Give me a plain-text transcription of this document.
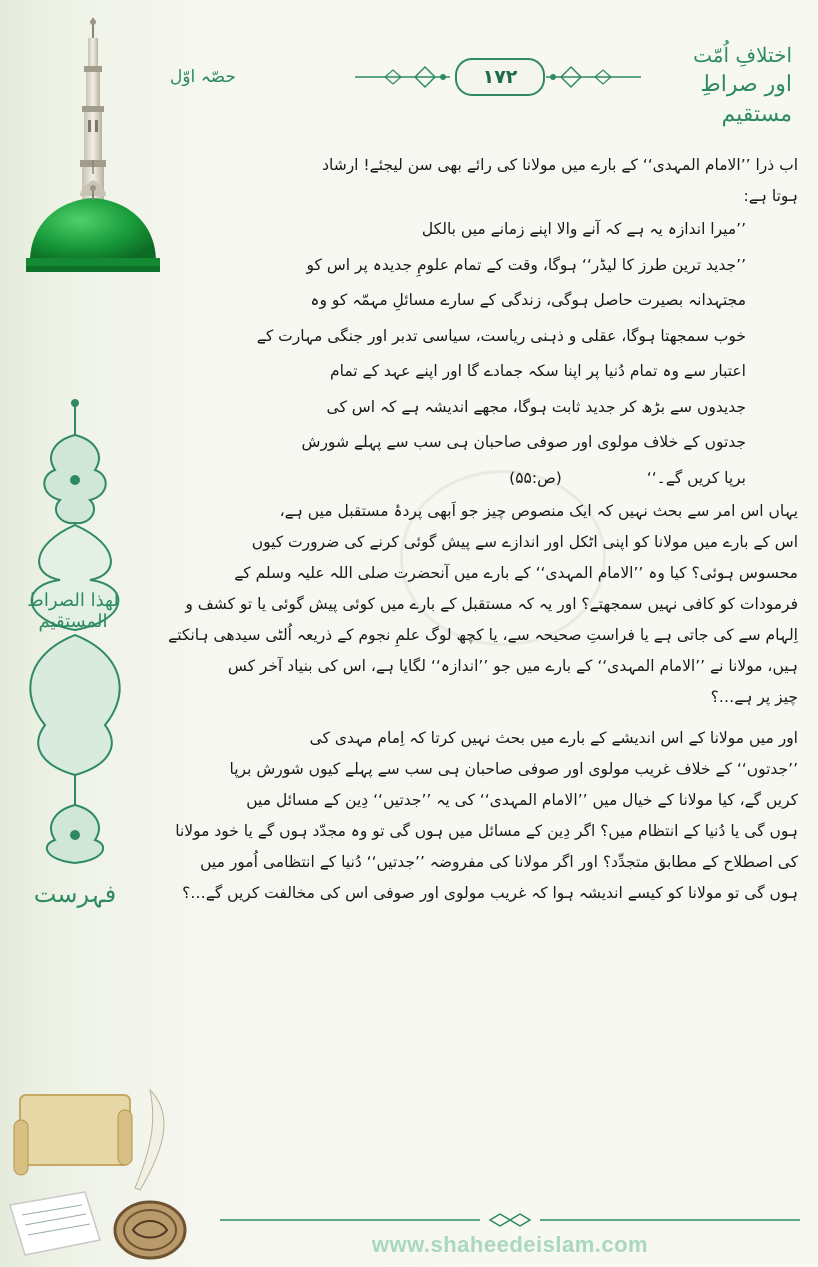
اختلافِ اُمّت
اور صراطِ مستقیم
حصّہ اوّل	۱۷۲
لھذا الصراط المستقیم
فہرست
اب ذرا ’’الامام المہدی‘‘ کے بارے میں مولانا کی رائے بھی سن لیجئے! ارشاد
ہوتا ہے:
’’میرا اندازہ یہ ہے کہ آنے والا اپنے زمانے میں بالکل
’’جدید ترین طرز کا لیڈر‘‘ ہوگا، وقت کے تمام علومِ جدیدہ پر اس کو
مجتہدانہ بصیرت حاصل ہوگی، زندگی کے سارے مسائلِ مہمّہ کو وہ
خوب سمجھتا ہوگا، عقلی و ذہنی ریاست، سیاسی تدبر اور جنگی مہارت کے
اعتبار سے وہ تمام دُنیا پر اپنا سکہ جمادے گا اور اپنے عہد کے تمام
جدیدوں سے بڑھ کر جدید ثابت ہوگا، مجھے اندیشہ ہے کہ اس کی
جدتوں کے خلاف مولوی اور صوفی صاحبان ہی سب سے پہلے شورش
برپا کریں گے۔‘‘ (ص:۵۵)
یہاں اس امر سے بحث نہیں کہ ایک منصوص چیز جو اَبھی پردۂ مستقبل میں ہے،
اس کے بارے میں مولانا کو اپنی اٹکل اور اندازے سے پیش گوئی کرنے کی ضرورت کیوں
محسوس ہوئی؟ کیا وہ ’’الامام المہدی‘‘ کے بارے میں آنحضرت صلی اللہ علیہ وسلم کے
فرمودات کو کافی نہیں سمجھتے؟ اور یہ کہ مستقبل کے بارے میں کوئی پیش گوئی یا تو کشف و
اِلہام سے کی جاتی ہے یا فراستِ صحیحہ سے، یا کچھ لوگ علمِ نجوم کے ذریعہ اُلٹی سیدھی ہانکتے
ہیں، مولانا نے ’’الامام المہدی‘‘ کے بارے میں جو ’’اندازہ‘‘ لگایا ہے، اس کی بنیاد آخر کس
چیز پر ہے…؟
اور میں مولانا کے اس اندیشے کے بارے میں بحث نہیں کرتا کہ اِمام مہدی کی
’’جدتوں‘‘ کے خلاف غریب مولوی اور صوفی صاحبان ہی سب سے پہلے کیوں شورش برپا
کریں گے، کیا مولانا کے خیال میں ’’الامام المہدی‘‘ کی یہ ’’جدتیں‘‘ دِین کے مسائل میں
ہوں گی یا دُنیا کے انتظام میں؟ اگر دِین کے مسائل میں ہوں گی تو وہ مجدّد ہوں گے یا خود مولانا
کی اصطلاح کے مطابق متجدِّد؟ اور اگر مولانا کی مفروضہ ’’جدتیں‘‘ دُنیا کے انتظامی اُمور میں
ہوں گی تو مولانا کو کیسے اندیشہ ہوا کہ غریب مولوی اور صوفی اس کی مخالفت کریں گے…؟
www.shaheedeislam.com
